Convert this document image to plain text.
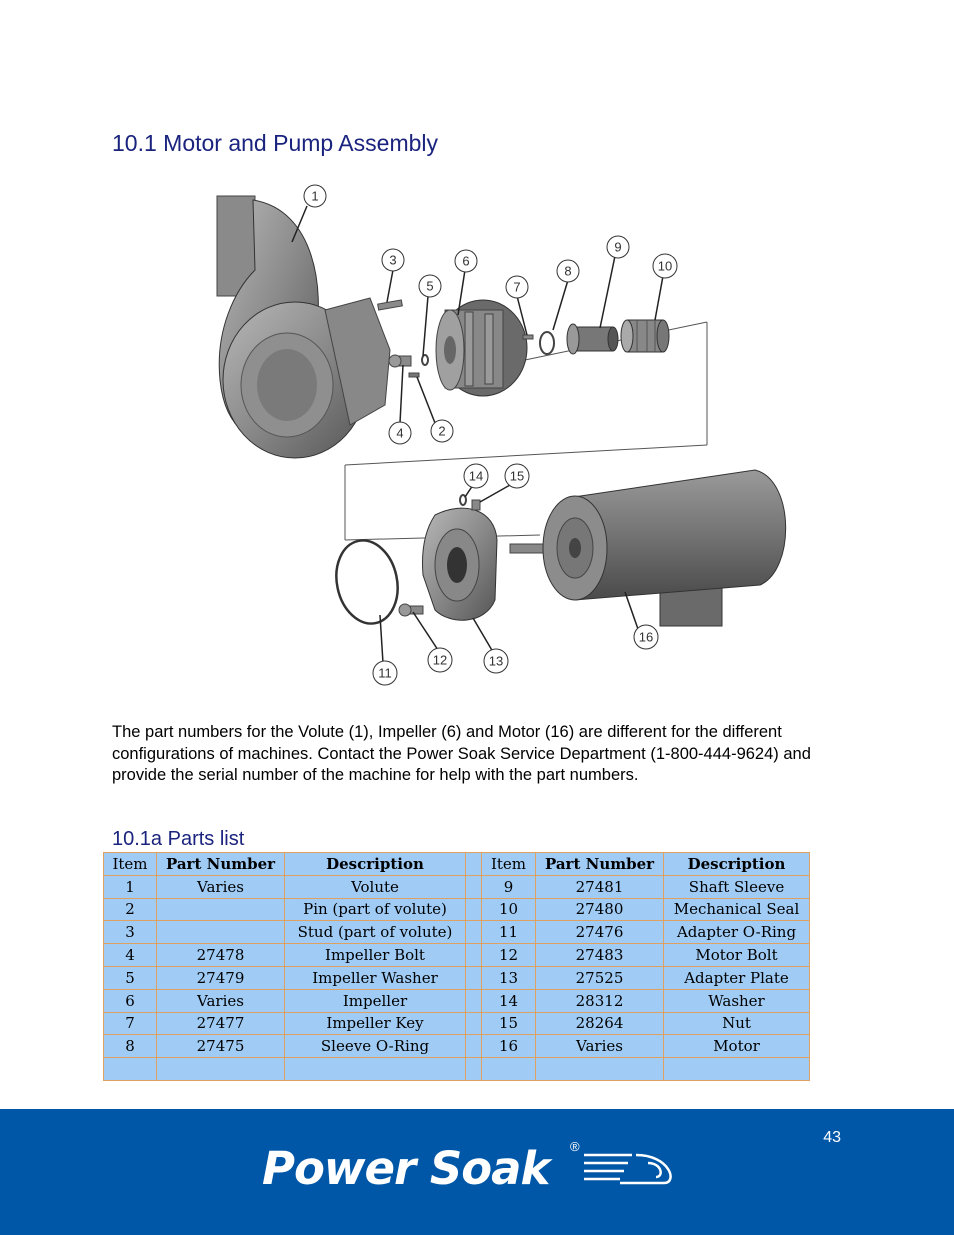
10.1 Motor and Pump Assembly
1
2
3
4
5
6
7
8
9
10
11
12	13
14 15
16

The part numbers for the Volute (1), Impeller (6) and Motor (16) are different for the different configurations of machines. Contact the Power Soak Service Department (1-800-444-9624) and provide the serial number of the machine for help with the part numbers.

10.1a Parts list
Item	Part Number	Description		Item	Part Number	Description
1	Varies	Volute		9	27481	Shaft Sleeve
2		Pin (part of volute)		10	27480	Mechanical Seal
3		Stud (part of volute)		11	27476	Adapter O-Ring
4	27478	Impeller Bolt		12	27483	Motor Bolt
5	27479	Impeller Washer		13	27525	Adapter Plate
6	Varies	Impeller		14	28312	Washer
7	27477	Impeller Key		15	28264	Nut
8	27475	Sleeve O-Ring		16	Varies	Motor

43
Power Soak ®
